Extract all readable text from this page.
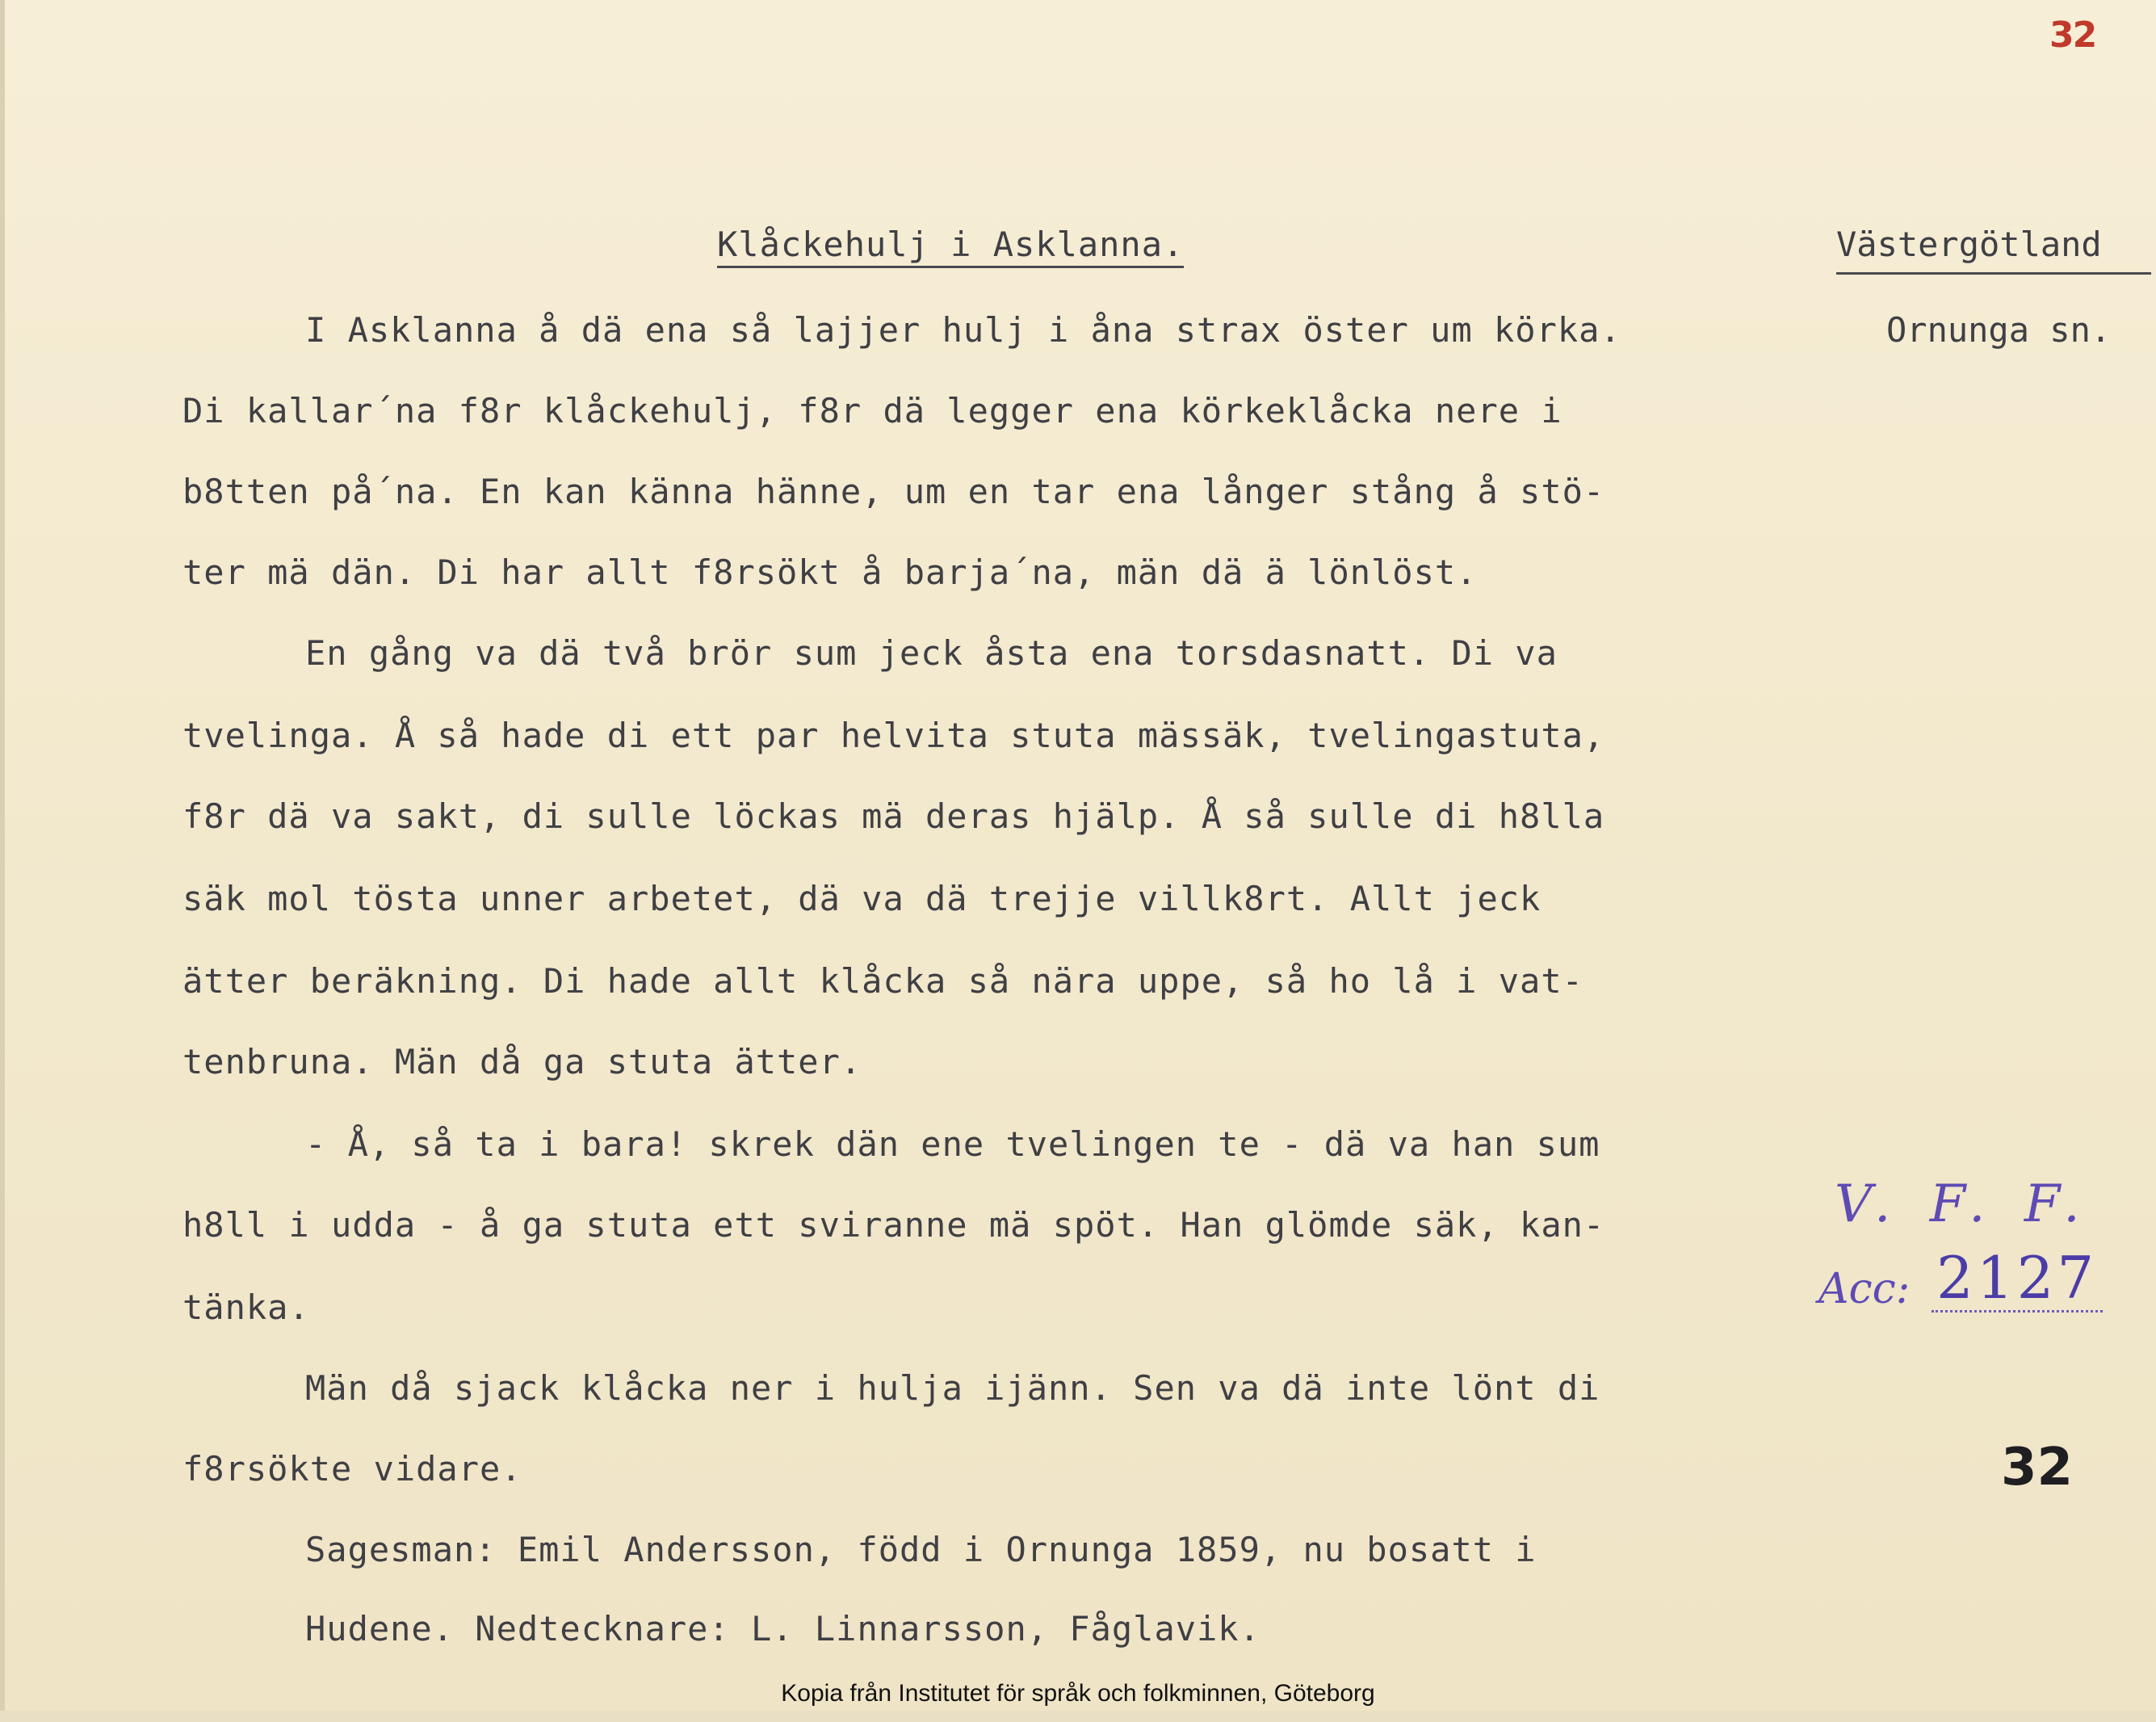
32
Klåckehulj i Asklanna.	Västergötland
Ornunga sn.
I Asklanna å dä ena så lajjer hulj i åna strax öster um körka.
Di kallar´na f8r klåckehulj, f8r dä legger ena körkeklåcka nere i
b8tten på´na. En kan känna hänne, um en tar ena långer stång å stö-
ter mä dän. Di har allt f8rsökt å barja´na, män dä ä lönlöst.
En gång va dä två brör sum jeck åsta ena torsdasnatt. Di va
tvelinga. Å så hade di ett par helvita stuta mässäk, tvelingastuta,
f8r dä va sakt, di sulle löckas mä deras hjälp. Å så sulle di h8lla
säk mol tösta unner arbetet, dä va dä trejje villk8rt. Allt jeck
ätter beräkning. Di hade allt klåcka så nära uppe, så ho lå i vat-
tenbruna. Män då ga stuta ätter.
- Å, så ta i bara! skrek dän ene tvelingen te - dä va han sum
h8ll i udda - å ga stuta ett sviranne mä spöt. Han glömde säk, kan-
tänka.
Män då sjack klåcka ner i hulja ijänn. Sen va dä inte lönt di
f8rsökte vidare.
Sagesman: Emil Andersson, född i Ornunga 1859, nu bosatt i
Hudene. Nedtecknare: L. Linnarsson, Fåglavik.
V. F. F.
Acc: 2127
32
Kopia från Institutet för språk och folkminnen, Göteborg
